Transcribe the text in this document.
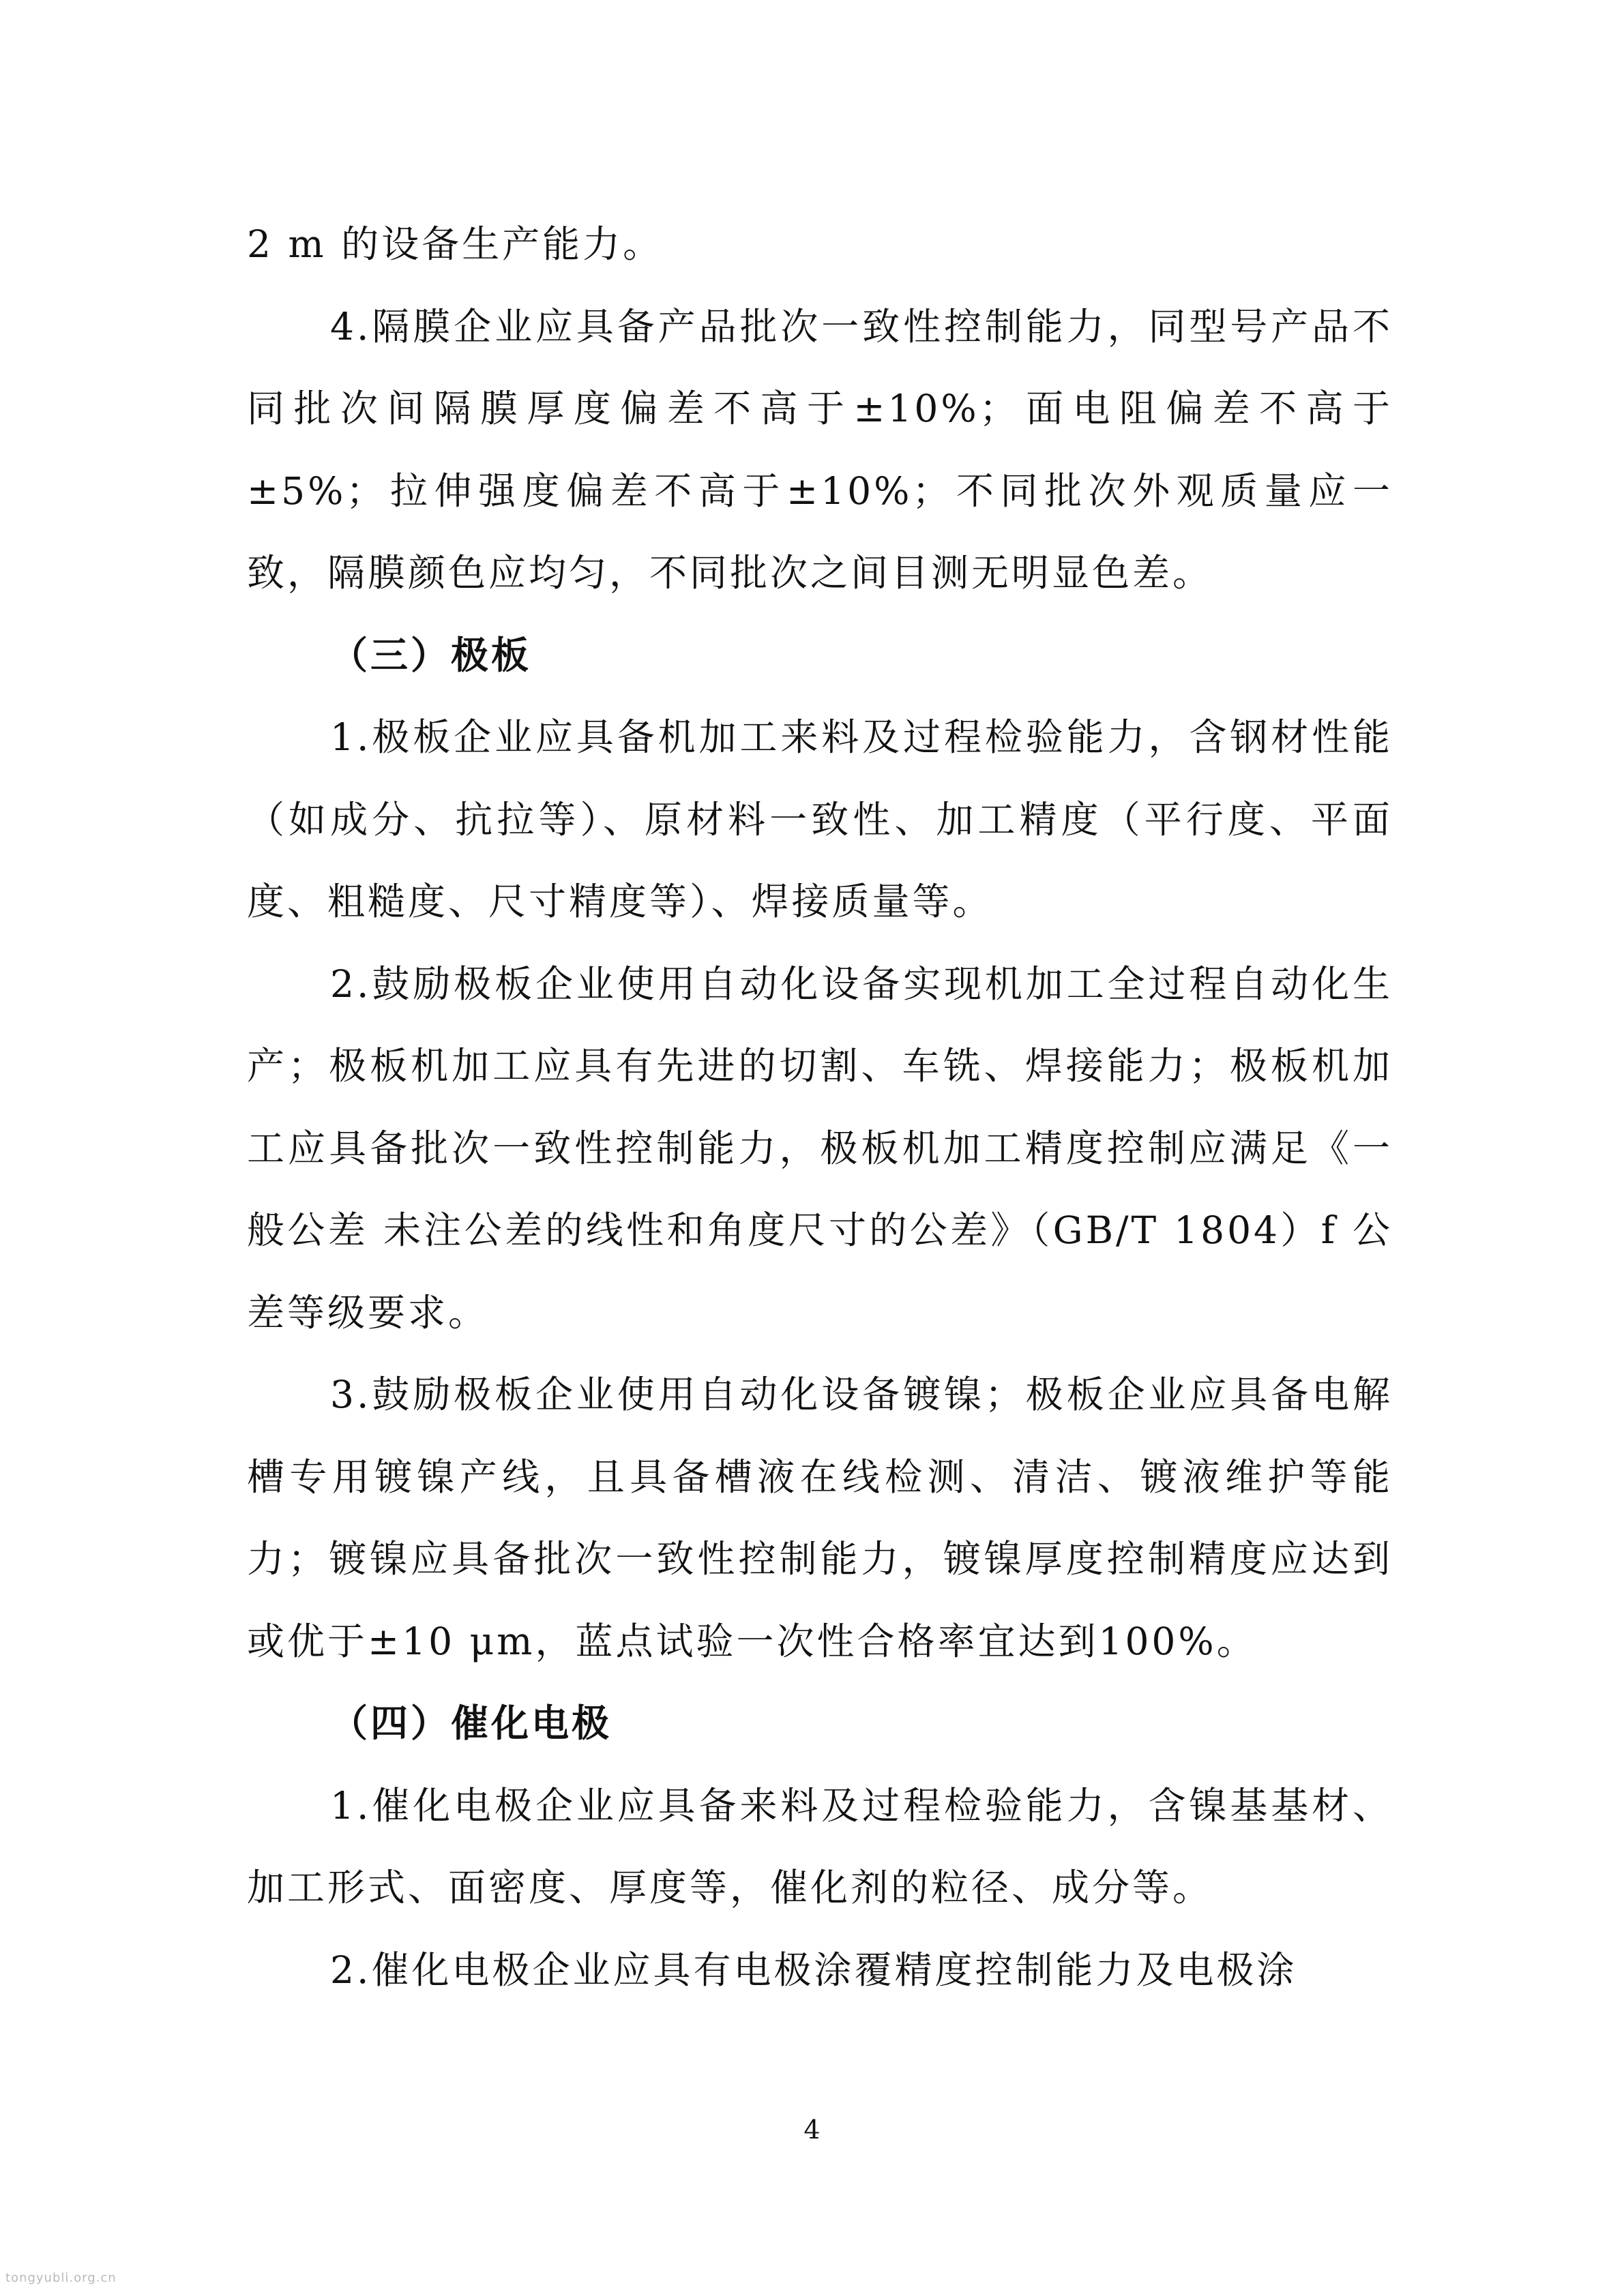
2 m 的设备生产能力。

4.隔膜企业应具备产品批次一致性控制能力，同型号产品不同批次间隔膜厚度偏差不高于±10%；面电阻偏差不高于±5%；拉伸强度偏差不高于±10%；不同批次外观质量应一致，隔膜颜色应均匀，不同批次之间目测无明显色差。

（三）极板

1.极板企业应具备机加工来料及过程检验能力，含钢材性能（如成分、抗拉等）、原材料一致性、加工精度（平行度、平面度、粗糙度、尺寸精度等）、焊接质量等。

2.鼓励极板企业使用自动化设备实现机加工全过程自动化生产；极板机加工应具有先进的切割、车铣、焊接能力；极板机加工应具备批次一致性控制能力，极板机加工精度控制应满足《一般公差 未注公差的线性和角度尺寸的公差》（GB/T 1804）f 公差等级要求。

3.鼓励极板企业使用自动化设备镀镍；极板企业应具备电解槽专用镀镍产线，且具备槽液在线检测、清洁、镀液维护等能力；镀镍应具备批次一致性控制能力，镀镍厚度控制精度应达到或优于±10 μm，蓝点试验一次性合格率宜达到100%。

（四）催化电极

1.催化电极企业应具备来料及过程检验能力，含镍基基材、加工形式、面密度、厚度等，催化剂的粒径、成分等。

2.催化电极企业应具有电极涂覆精度控制能力及电极涂

4
tongyubli.org.cn
